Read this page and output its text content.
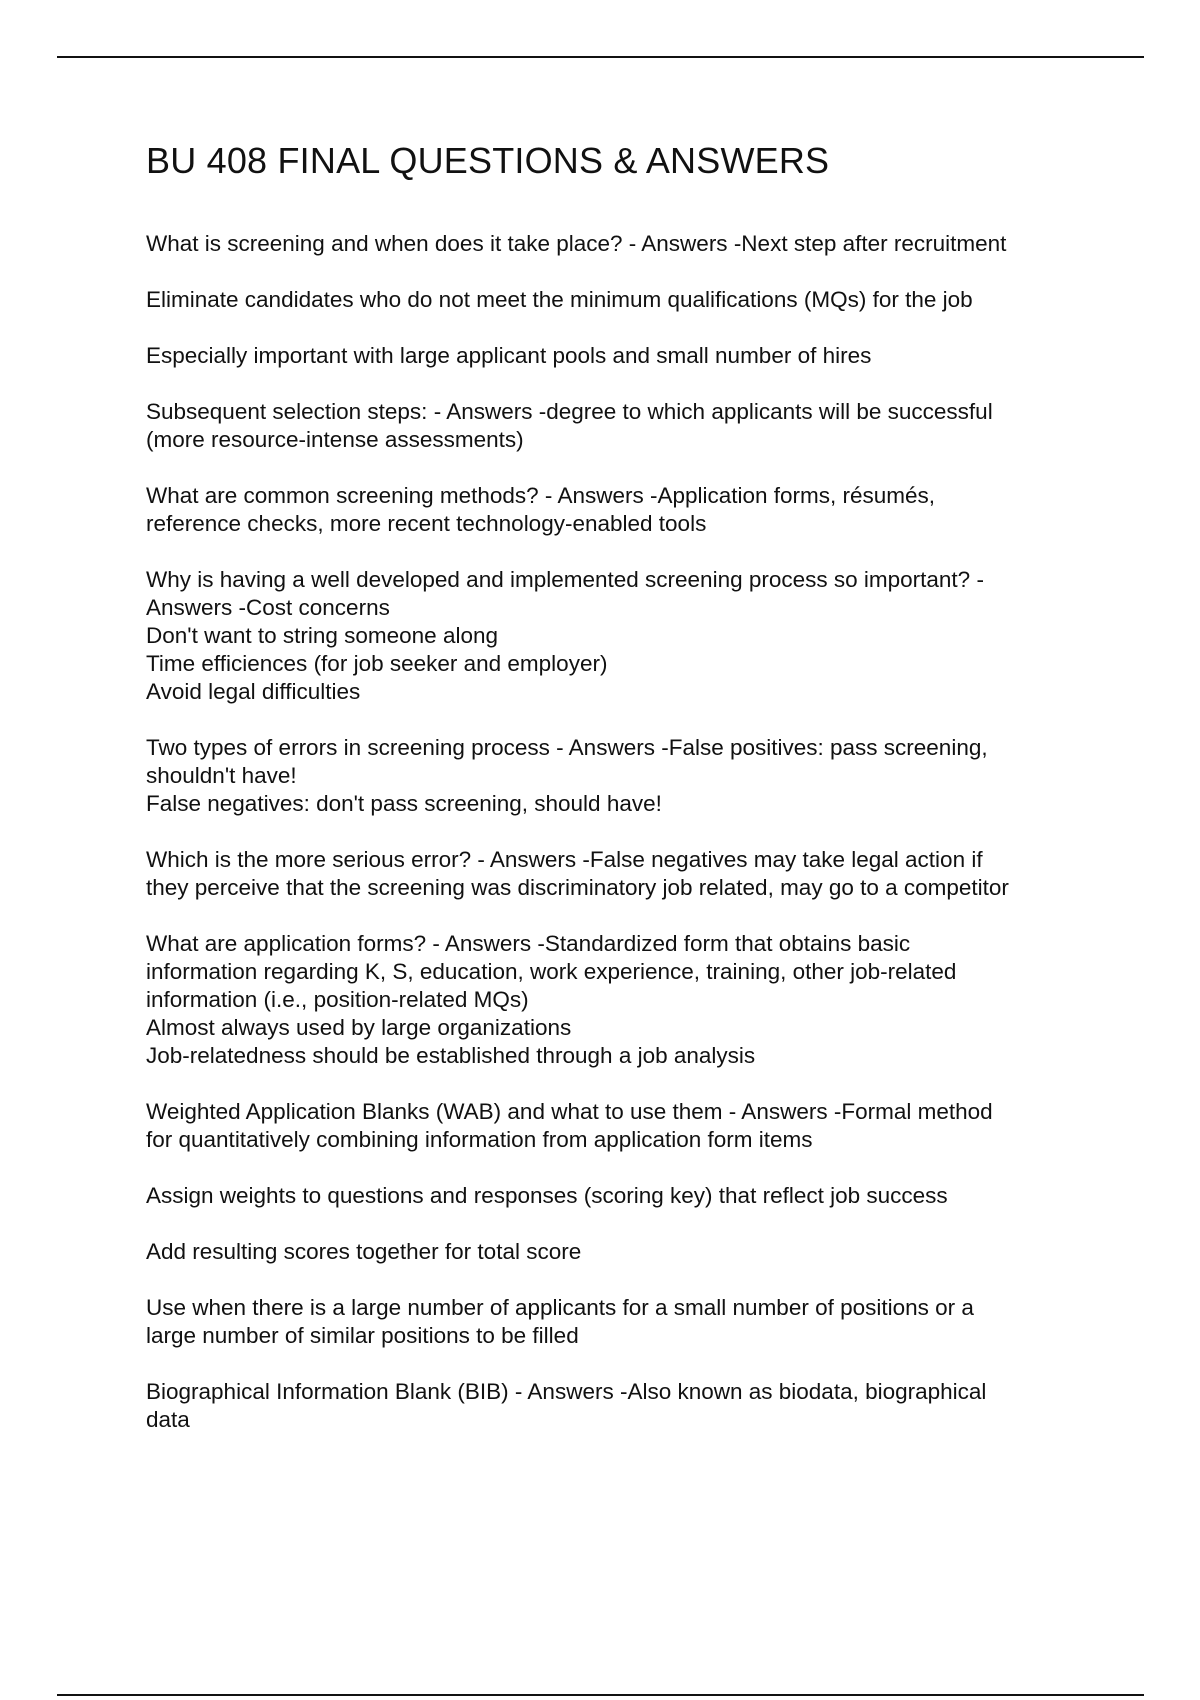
BU 408 FINAL QUESTIONS & ANSWERS

What is screening and when does it take place? - Answers -Next step after recruitment

Eliminate candidates who do not meet the minimum qualifications (MQs) for the job

Especially important with large applicant pools and small number of hires

Subsequent selection steps: - Answers -degree to which applicants will be successful
(more resource-intense assessments)

What are common screening methods? - Answers -Application forms, résumés,
reference checks, more recent technology-enabled tools

Why is having a well developed and implemented screening process so important? -
Answers -Cost concerns
Don't want to string someone along
Time efficiences (for job seeker and employer)
Avoid legal difficulties

Two types of errors in screening process - Answers -False positives: pass screening,
shouldn't have!
False negatives: don't pass screening, should have!

Which is the more serious error? - Answers -False negatives may take legal action if
they perceive that the screening was discriminatory job related, may go to a competitor

What are application forms? - Answers -Standardized form that obtains basic
information regarding K, S, education, work experience, training, other job-related
information (i.e., position-related MQs)
Almost always used by large organizations
Job-relatedness should be established through a job analysis

Weighted Application Blanks (WAB) and what to use them - Answers -Formal method
for quantitatively combining information from application form items

Assign weights to questions and responses (scoring key) that reflect job success

Add resulting scores together for total score

Use when there is a large number of applicants for a small number of positions or a
large number of similar positions to be filled

Biographical Information Blank (BIB) - Answers -Also known as biodata, biographical
data
